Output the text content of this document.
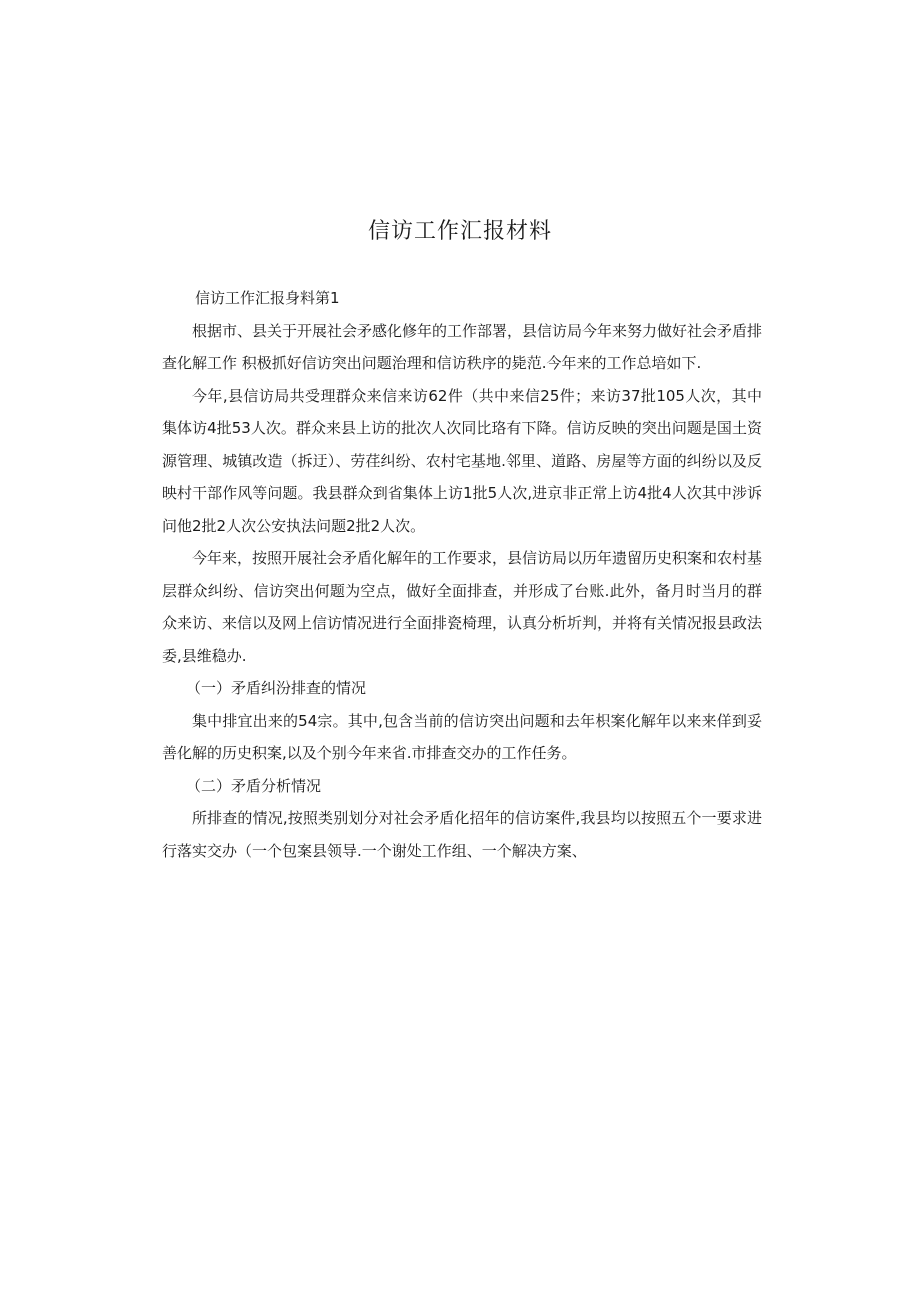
信访工作汇报材料

信访工作汇报身料第1

根据市、县关于开展社会矛感化修年的工作部署，县信访局今年来努力做好社会矛盾排查化解工作 积极抓好信访突出问题治理和信访秩序的毙范.今年来的工作总培如下.

今年,县信访局共受理群众来信来访62件（共中来信25件；来访37批105人次，其中集体访4批53人次。群众来县上访的批次人次同比珞有下降。信访反映的突出问题是国土资源管理、城镇改造（拆迂）、劳荏纠纷、农村宅基地.邻里、道路、房屋等方面的纠纷以及反映村干部作风等问题。我县群众到省集体上访1批5人次,进京非正常上访4批4人次其中涉诉问他2批2人次公安执法问题2批2人次。

今年来，按照开展社会矛盾化解年的工作要求，县信访局以历年遗留历史积案和农村基层群众纠纷、信访突出何题为空点，做好全面排查，并形成了台账.此外，备月时当月的群众来访、来信以及网上信访情况进行全面排瓷椅理，认真分析圻判，并将有关情况报县政法委,县维稳办.

（一）矛盾纠汾排查的情况

集中排宜出来的54宗。其中,包含当前的信访突出问题和去年枳案化解年以来来佯到妥善化解的历史积案,以及个别今年来省.市排查交办的工作任务。

（二）矛盾分析情况

所排查的情况,按照类别划分对社会矛盾化招年的信访案件,我县均以按照五个一要求进行落实交办（一个包案县领导.一个谢处工作组、一个解决方案、
